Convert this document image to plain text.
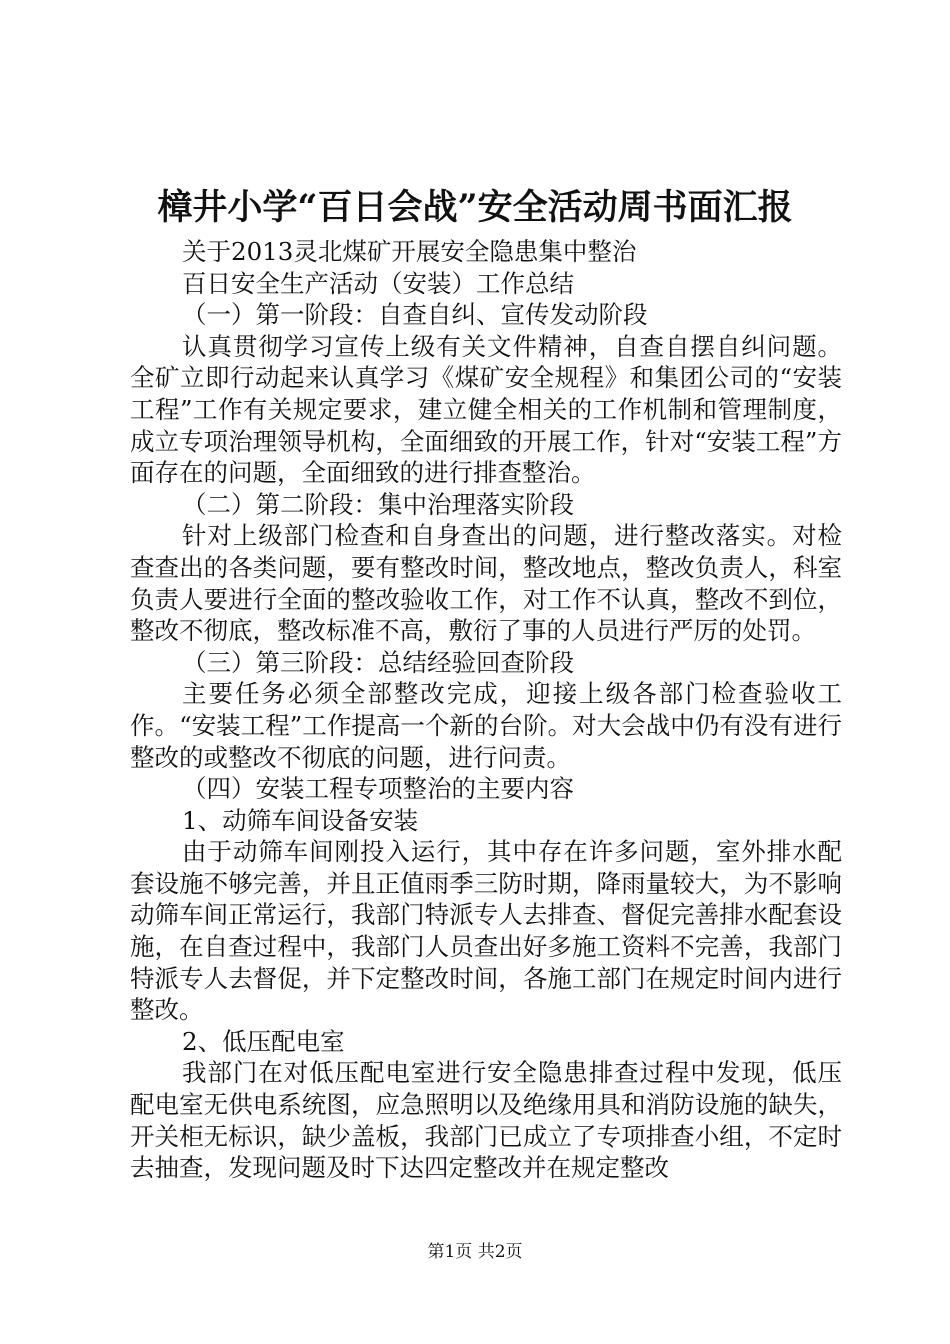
樟井小学“百日会战”安全活动周书面汇报

关于2013灵北煤矿开展安全隐患集中整治

百日安全生产活动（安装）工作总结

（一）第一阶段：自查自纠、宣传发动阶段

认真贯彻学习宣传上级有关文件精神，自查自摆自纠问题。全矿立即行动起来认真学习《煤矿安全规程》和集团公司的“安装工程”工作有关规定要求，建立健全相关的工作机制和管理制度，成立专项治理领导机构，全面细致的开展工作，针对“安装工程”方面存在的问题，全面细致的进行排查整治。

（二）第二阶段：集中治理落实阶段

针对上级部门检查和自身查出的问题，进行整改落实。对检查查出的各类问题，要有整改时间，整改地点，整改负责人，科室负责人要进行全面的整改验收工作，对工作不认真，整改不到位，整改不彻底，整改标准不高，敷衍了事的人员进行严厉的处罚。

（三）第三阶段：总结经验回查阶段

主要任务必须全部整改完成，迎接上级各部门检查验收工作。“安装工程”工作提高一个新的台阶。对大会战中仍有没有进行整改的或整改不彻底的问题，进行问责。

（四）安装工程专项整治的主要内容

1、动筛车间设备安装

由于动筛车间刚投入运行，其中存在许多问题，室外排水配套设施不够完善，并且正值雨季三防时期，降雨量较大，为不影响动筛车间正常运行，我部门特派专人去排查、督促完善排水配套设施，在自查过程中，我部门人员查出好多施工资料不完善，我部门特派专人去督促，并下定整改时间，各施工部门在规定时间内进行整改。

2、低压配电室

我部门在对低压配电室进行安全隐患排查过程中发现，低压配电室无供电系统图，应急照明以及绝缘用具和消防设施的缺失，开关柜无标识，缺少盖板，我部门已成立了专项排查小组，不定时去抽查，发现问题及时下达四定整改并在规定整改

第1页 共2页
